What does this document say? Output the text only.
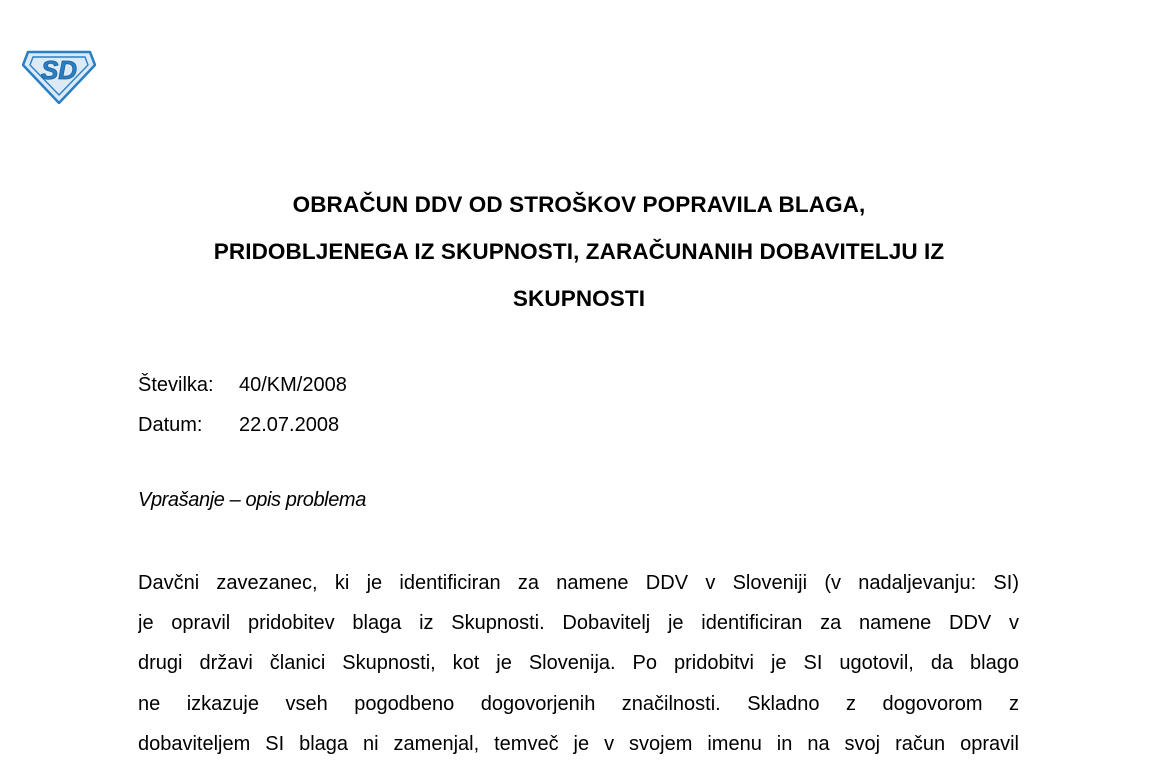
SD
OBRAČUN DDV OD STROŠKOV POPRAVILA BLAGA,
PRIDOBLJENEGA IZ SKUPNOSTI, ZARAČUNANIH DOBAVITELJU IZ
SKUPNOSTI
Številka:	40/KM/2008
Datum:	22.07.2008
Vprašanje – opis problema
Davčni zavezanec, ki je identificiran za namene DDV v Sloveniji (v nadaljevanju: SI)
je opravil pridobitev blaga iz Skupnosti. Dobavitelj je identificiran za namene DDV v
drugi državi članici Skupnosti, kot je Slovenija. Po pridobitvi je SI ugotovil, da blago
ne izkazuje vseh pogodbeno dogovorjenih značilnosti. Skladno z dogovorom z
dobaviteljem SI blaga ni zamenjal, temveč je v svojem imenu in na svoj račun opravil
